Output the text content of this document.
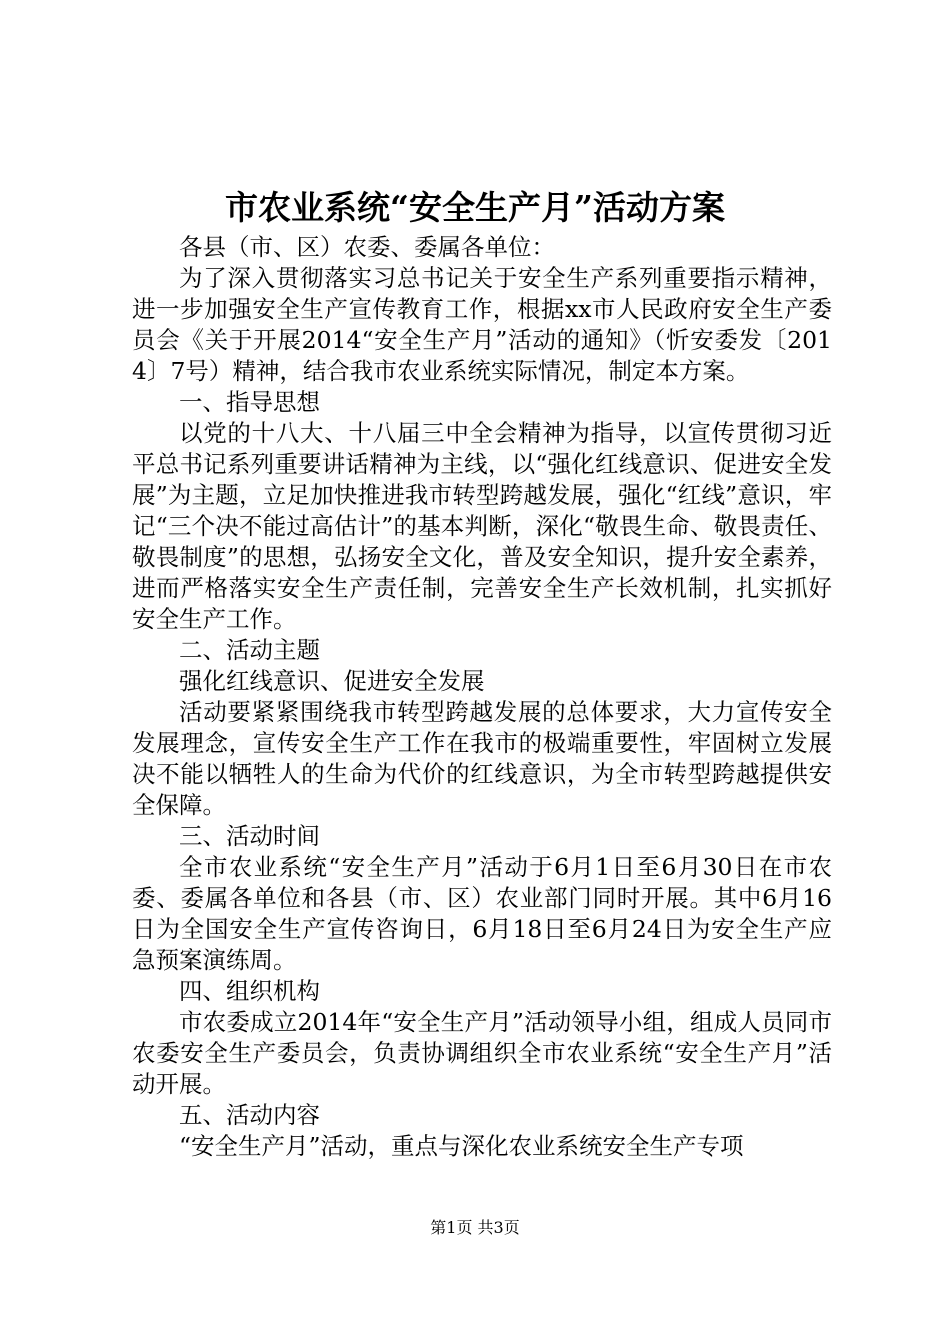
市农业系统“安全生产月”活动方案

各县（市、区）农委、委属各单位：

为了深入贯彻落实习总书记关于安全生产系列重要指示精神，进一步加强安全生产宣传教育工作，根据xx市人民政府安全生产委员会《关于开展2014“安全生产月”活动的通知》（忻安委发〔2014〕7号）精神，结合我市农业系统实际情况，制定本方案。

一、指导思想

以党的十八大、十八届三中全会精神为指导，以宣传贯彻习近平总书记系列重要讲话精神为主线，以“强化红线意识、促进安全发展”为主题，立足加快推进我市转型跨越发展，强化“红线”意识，牢记“三个决不能过高估计”的基本判断，深化“敬畏生命、敬畏责任、敬畏制度”的思想，弘扬安全文化，普及安全知识，提升安全素养，进而严格落实安全生产责任制，完善安全生产长效机制，扎实抓好安全生产工作。

二、活动主题

强化红线意识、促进安全发展

活动要紧紧围绕我市转型跨越发展的总体要求，大力宣传安全发展理念，宣传安全生产工作在我市的极端重要性，牢固树立发展决不能以牺牲人的生命为代价的红线意识，为全市转型跨越提供安全保障。

三、活动时间

全市农业系统“安全生产月”活动于6月1日至6月30日在市农委、委属各单位和各县（市、区）农业部门同时开展。其中6月16日为全国安全生产宣传咨询日，6月18日至6月24日为安全生产应急预案演练周。

四、组织机构

市农委成立2014年“安全生产月”活动领导小组，组成人员同市农委安全生产委员会，负责协调组织全市农业系统“安全生产月”活动开展。

五、活动内容

“安全生产月”活动，重点与深化农业系统安全生产专项

第1页 共3页
